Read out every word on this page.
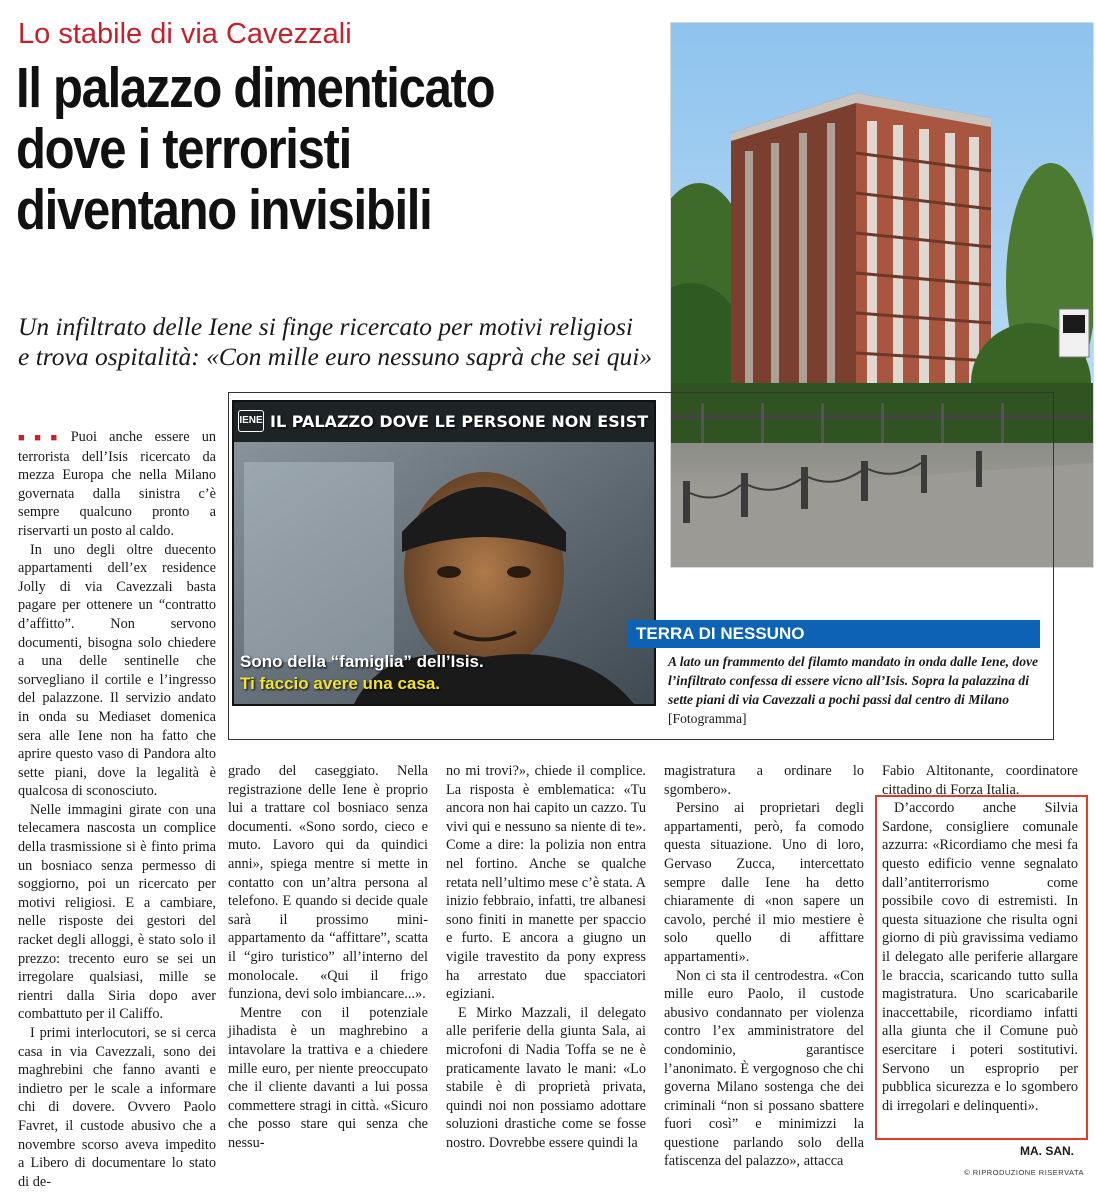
Lo stabile di via Cavezzali
Il palazzo dimenticato
dove i terroristi
diventano invisibili
Un infiltrato delle Iene si finge ricercato per motivi religiosi
e trova ospitalità: «Con mille euro nessuno saprà che sei qui»
IENE IL PALAZZO DOVE LE PERSONE NON ESIST
Sono della “famiglia” dell’Isis.
Ti faccio avere una casa.
TERRA DI NESSUNO
A lato un frammento del filamto mandato in onda dalle Iene, dove l’infiltrato confessa di essere vicno all’Isis. Sopra la palazzina di sette piani di via Cavezzali a pochi passi dal centro di Milano [Fotogramma]

■■■ Puoi anche essere un terrorista dell’Isis ricercato da mezza Europa che nella Milano governata dalla sinistra c’è sempre qualcuno pronto a riservarti un posto al caldo.

In uno degli oltre duecento appartamenti dell’ex residence Jolly di via Cavezzali basta pagare per ottenere un “contratto d’affitto”. Non servono documenti, bisogna solo chiedere a una delle sentinelle che sorvegliano il cortile e l’ingresso del palazzone. Il servizio andato in onda su Mediaset domenica sera alle Iene non ha fatto che aprire questo vaso di Pandora alto sette piani, dove la legalità è qualcosa di sconosciuto.

Nelle immagini girate con una telecamera nascosta un complice della trasmissione si è finto prima un bosniaco senza permesso di soggiorno, poi un ricercato per motivi religiosi. E a cambiare, nelle risposte dei gestori del racket degli alloggi, è stato solo il prezzo: trecento euro se sei un irregolare qualsiasi, mille se rientri dalla Siria dopo aver combattuto per il Califfo.

I primi interlocutori, se si cerca casa in via Cavezzali, sono dei maghrebini che fanno avanti e indietro per le scale a informare chi di dovere. Ovvero Paolo Favret, il custode abusivo che a novembre scorso aveva impedito a Libero di documentare lo stato di de-

grado del caseggiato. Nella registrazione delle Iene è proprio lui a trattare col bosniaco senza documenti. «Sono sordo, cieco e muto. Lavoro qui da quindici anni», spiega mentre si mette in contatto con un’altra persona al telefono. E quando si decide quale sarà il prossimo mini-appartamento da “affittare”, scatta il “giro turistico” all’interno del monolocale. «Qui il frigo funziona, devi solo imbiancare...».

Mentre con il potenziale jihadista è un maghrebino a intavolare la trattiva e a chiedere mille euro, per niente preoccupato che il cliente davanti a lui possa commettere stragi in città. «Sicuro che posso stare qui senza che nessu-

no mi trovi?», chiede il complice. La risposta è emblematica: «Tu ancora non hai capito un cazzo. Tu vivi qui e nessuno sa niente di te». Come a dire: la polizia non entra nel fortino. Anche se qualche retata nell’ultimo mese c’è stata. A inizio febbraio, infatti, tre albanesi sono finiti in manette per spaccio e furto. E ancora a giugno un vigile travestito da pony express ha arrestato due spacciatori egiziani.

E Mirko Mazzali, il delegato alle periferie della giunta Sala, ai microfoni di Nadia Toffa se ne è praticamente lavato le mani: «Lo stabile è di proprietà privata, quindi noi non possiamo adottare soluzioni drastiche come se fosse nostro. Dovrebbe essere quindi la

magistratura a ordinare lo sgombero».

Persino ai proprietari degli appartamenti, però, fa comodo questa situazione. Uno di loro, Gervaso Zucca, intercettato sempre dalle Iene ha detto chiaramente di «non sapere un cavolo, perché il mio mestiere è solo quello di affittare appartamenti».

Non ci sta il centrodestra. «Con mille euro Paolo, il custode abusivo condannato per violenza contro l’ex amministratore del condominio, garantisce l’anonimato. È vergognoso che chi governa Milano sostenga che dei criminali “non si possano sbattere fuori così” e minimizzi la questione parlando solo della fatiscenza del palazzo», attacca

Fabio Altitonante, coordinatore cittadino di Forza Italia.

D’accordo anche Silvia Sardone, consigliere comunale azzurra: «Ricordiamo che mesi fa questo edificio venne segnalato dall’antiterrorismo come possibile covo di estremisti. In questa situazione che risulta ogni giorno di più gravissima vediamo il delegato alle periferie allargare le braccia, scaricando tutto sulla magistratura. Uno scaricabarile inaccettabile, ricordiamo infatti alla giunta che il Comune può esercitare i poteri sostitutivi. Servono un esproprio per pubblica sicurezza e lo sgombero di irregolari e delinquenti».

MA. SAN.
© RIPRODUZIONE RISERVATA
